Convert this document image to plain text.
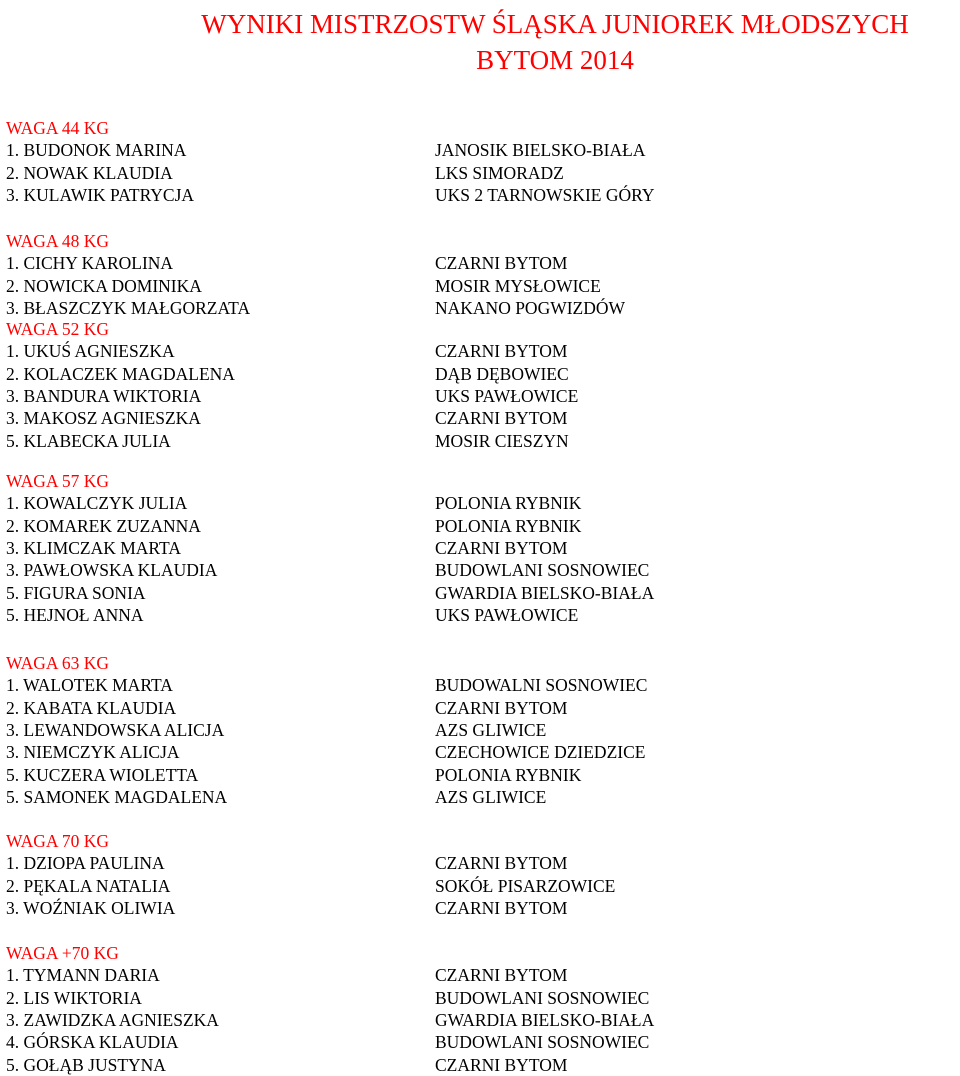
WYNIKI MISTRZOSTW ŚLĄSKA JUNIOREK MŁODSZYCH
BYTOM 2014
WAGA 44 KG
1. BUDONOK MARINA	JANOSIK BIELSKO-BIAŁA
2. NOWAK KLAUDIA	LKS SIMORADZ
3. KULAWIK PATRYCJA	UKS 2 TARNOWSKIE GÓRY
WAGA 48 KG
1. CICHY KAROLINA	CZARNI BYTOM
2. NOWICKA DOMINIKA	MOSIR MYSŁOWICE
3. BŁASZCZYK MAŁGORZATA	NAKANO POGWIZDÓW
WAGA 52 KG
1. UKUŚ AGNIESZKA	CZARNI BYTOM
2. KOLACZEK MAGDALENA	DĄB DĘBOWIEC
3. BANDURA WIKTORIA	UKS PAWŁOWICE
3. MAKOSZ AGNIESZKA	CZARNI BYTOM
5. KLABECKA JULIA	MOSIR CIESZYN
WAGA 57 KG
1. KOWALCZYK JULIA	POLONIA RYBNIK
2. KOMAREK ZUZANNA	POLONIA RYBNIK
3. KLIMCZAK MARTA	CZARNI BYTOM
3. PAWŁOWSKA KLAUDIA	BUDOWLANI SOSNOWIEC
5. FIGURA SONIA	GWARDIA BIELSKO-BIAŁA
5. HEJNOŁ ANNA	UKS PAWŁOWICE
WAGA 63 KG
1. WALOTEK MARTA	BUDOWALNI SOSNOWIEC
2. KABATA KLAUDIA	CZARNI BYTOM
3. LEWANDOWSKA ALICJA	AZS GLIWICE
3. NIEMCZYK ALICJA	CZECHOWICE DZIEDZICE
5. KUCZERA WIOLETTA	POLONIA RYBNIK
5. SAMONEK MAGDALENA	AZS GLIWICE
WAGA 70 KG
1. DZIOPA PAULINA	CZARNI BYTOM
2. PĘKALA NATALIA	SOKÓŁ PISARZOWICE
3. WOŹNIAK OLIWIA	CZARNI BYTOM
WAGA +70 KG
1. TYMANN DARIA	CZARNI BYTOM
2. LIS WIKTORIA	BUDOWLANI SOSNOWIEC
3. ZAWIDZKA AGNIESZKA	GWARDIA BIELSKO-BIAŁA
4. GÓRSKA KLAUDIA	BUDOWLANI SOSNOWIEC
5. GOŁĄB JUSTYNA	CZARNI BYTOM
